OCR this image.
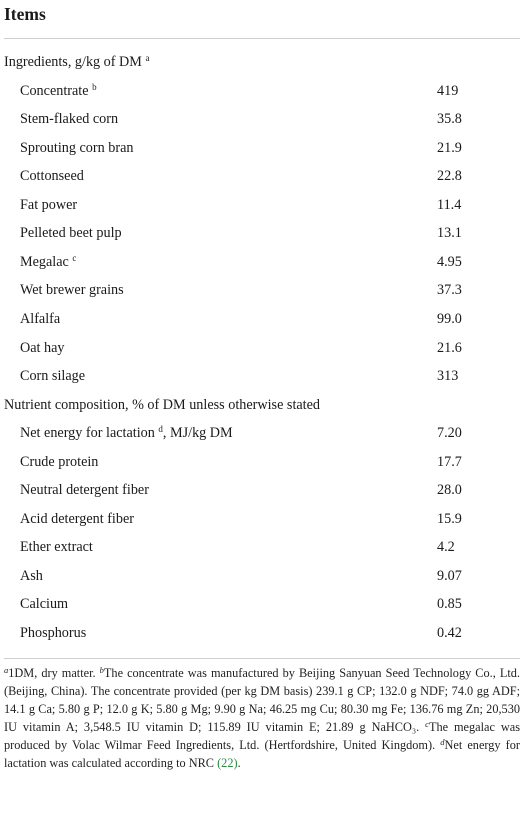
Items
Ingredients, g/kg of DM $^a$
Concentrate $^b$	419
Stem-flaked corn	35.8
Sprouting corn bran	21.9
Cottonseed	22.8
Fat power	11.4
Pelleted beet pulp	13.1
Megalac $^c$	4.95
Wet brewer grains	37.3
Alfalfa	99.0
Oat hay	21.6
Corn silage	313
Nutrient composition, % of DM unless otherwise stated
Net energy for lactation $^d$, MJ/kg DM	7.20
Crude protein	17.7
Neutral detergent fiber	28.0
Acid detergent fiber	15.9
Ether extract	4.2
Ash	9.07
Calcium	0.85
Phosphorus	0.42
$^a$1DM, dry matter. $^b$The concentrate was manufactured by Beijing Sanyuan Seed Technology Co., Ltd. (Beijing, China). The concentrate provided (per kg DM basis) 239.1 g CP; 132.0 g NDF; 74.0 gg ADF; 14.1 g Ca; 5.80 g P; 12.0 g K; 5.80 g Mg; 9.90 g Na; 46.25 mg Cu; 80.30 mg Fe; 136.76 mg Zn; 20,530 IU vitamin A; 3,548.5 IU vitamin D; 115.89 IU vitamin E; 21.89 g NaHCO₃. $^c$The megalac was produced by Volac Wilmar Feed Ingredients, Ltd. (Hertfordshire, United Kingdom). $^d$Net energy for lactation was calculated according to NRC (22).
